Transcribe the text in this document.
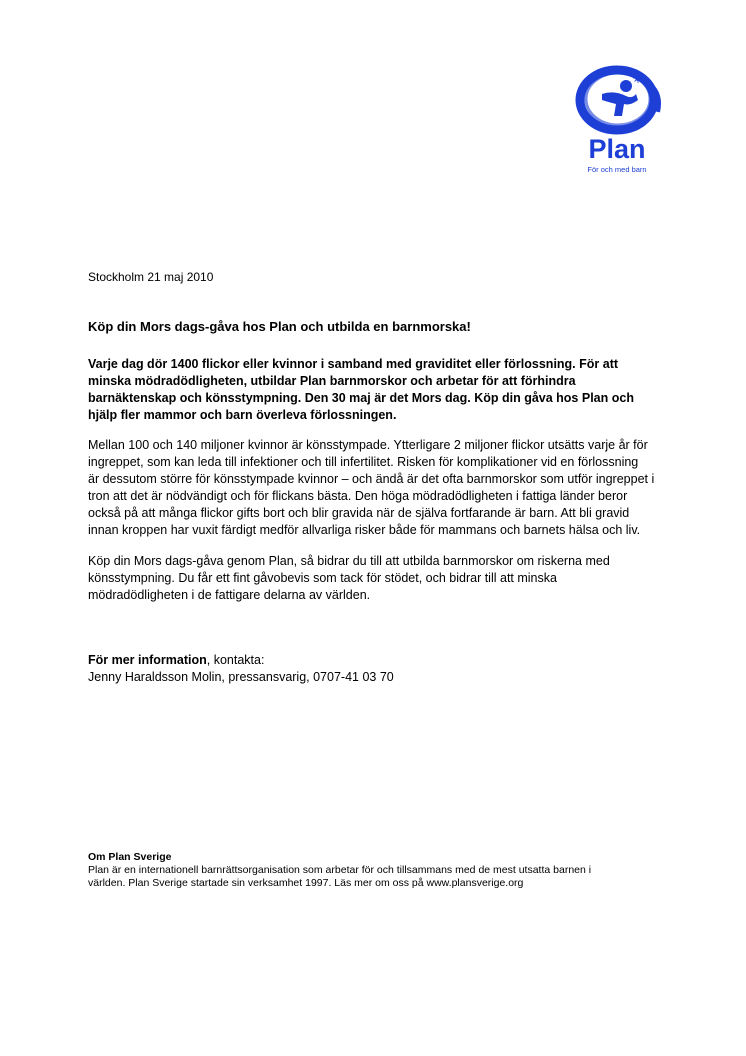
Plan
För och med barn
Stockholm 21 maj 2010
Köp din Mors dags-gåva hos Plan och utbilda en barnmorska!
Varje dag dör 1400 flickor eller kvinnor i samband med graviditet eller förlossning. För att
minska mödradödligheten, utbildar Plan barnmorskor och arbetar för att förhindra
barnäktenskap och könsstympning. Den 30 maj är det Mors dag. Köp din gåva hos Plan och
hjälp fler mammor och barn överleva förlossningen.
Mellan 100 och 140 miljoner kvinnor är könsstympade. Ytterligare 2 miljoner flickor utsätts varje år för
ingreppet, som kan leda till infektioner och till infertilitet. Risken för komplikationer vid en förlossning
är dessutom större för könsstympade kvinnor – och ändå är det ofta barnmorskor som utför ingreppet i
tron att det är nödvändigt och för flickans bästa. Den höga mödradödligheten i fattiga länder beror
också på att många flickor gifts bort och blir gravida när de själva fortfarande är barn. Att bli gravid
innan kroppen har vuxit färdigt medför allvarliga risker både för mammans och barnets hälsa och liv.
Köp din Mors dags-gåva genom Plan, så bidrar du till att utbilda barnmorskor om riskerna med
könsstympning. Du får ett fint gåvobevis som tack för stödet, och bidrar till att minska
mödradödligheten i de fattigare delarna av världen.
För mer information, kontakta:
Jenny Haraldsson Molin, pressansvarig, 0707-41 03 70
Om Plan Sverige
Plan är en internationell barnrättsorganisation som arbetar för och tillsammans med de mest utsatta barnen i
världen. Plan Sverige startade sin verksamhet 1997. Läs mer om oss på www.plansverige.org
